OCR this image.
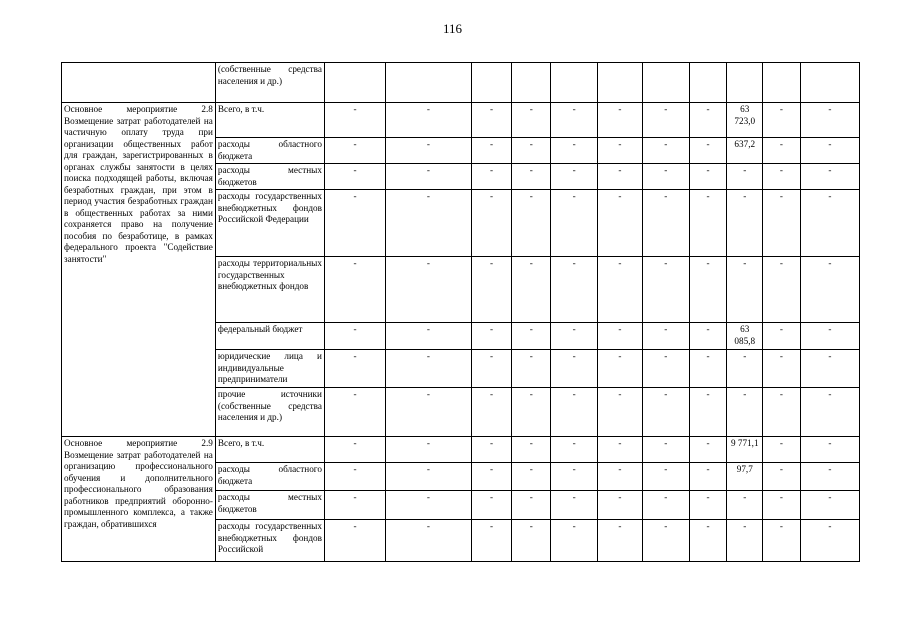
116
	(собственные средства населения и др.)											
Основное мероприятие 2.8 Возмещение затрат работодателей на частичную оплату труда при организации общественных работ для граждан, зарегистрированных в органах службы занятости в целях поиска подходящей работы, включая безработных граждан, при этом в период участия безработных граждан в общественных работах за ними сохраняется право на получение пособия по безработице, в рамках федерального проекта "Содействие занятости"	Всего, в т.ч.	-	-	-	-	-	-	-	-	63 723,0	-	-
	расходы областного бюджета	-	-	-	-	-	-	-	-	637,2	-	-
	расходы местных бюджетов	-	-	-	-	-	-	-	-	-	-	-
	расходы государственных внебюджетных фондов Российской Федерации	-	-	-	-	-	-	-	-	-	-	-
	расходы территориальных государственных внебюджетных фондов	-	-	-	-	-	-	-	-	-	-	-
	федеральный бюджет	-	-	-	-	-	-	-	-	63 085,8	-	-
	юридические лица и индивидуальные предприниматели	-	-	-	-	-	-	-	-	-	-	-
	прочие источники (собственные средства населения и др.)	-	-	-	-	-	-	-	-	-	-	-
Основное мероприятие 2.9 Возмещение затрат работодателей на организацию профессионального обучения и дополнительного профессионального образования работников предприятий оборонно-промышленного комплекса, а также граждан, обратившихся	Всего, в т.ч.	-	-	-	-	-	-	-	-	9 771,1	-	-
	расходы областного бюджета	-	-	-	-	-	-	-	-	97,7	-	-
	расходы местных бюджетов	-	-	-	-	-	-	-	-	-	-	-
	расходы государственных внебюджетных фондов Российской	-	-	-	-	-	-	-	-	-	-	-
